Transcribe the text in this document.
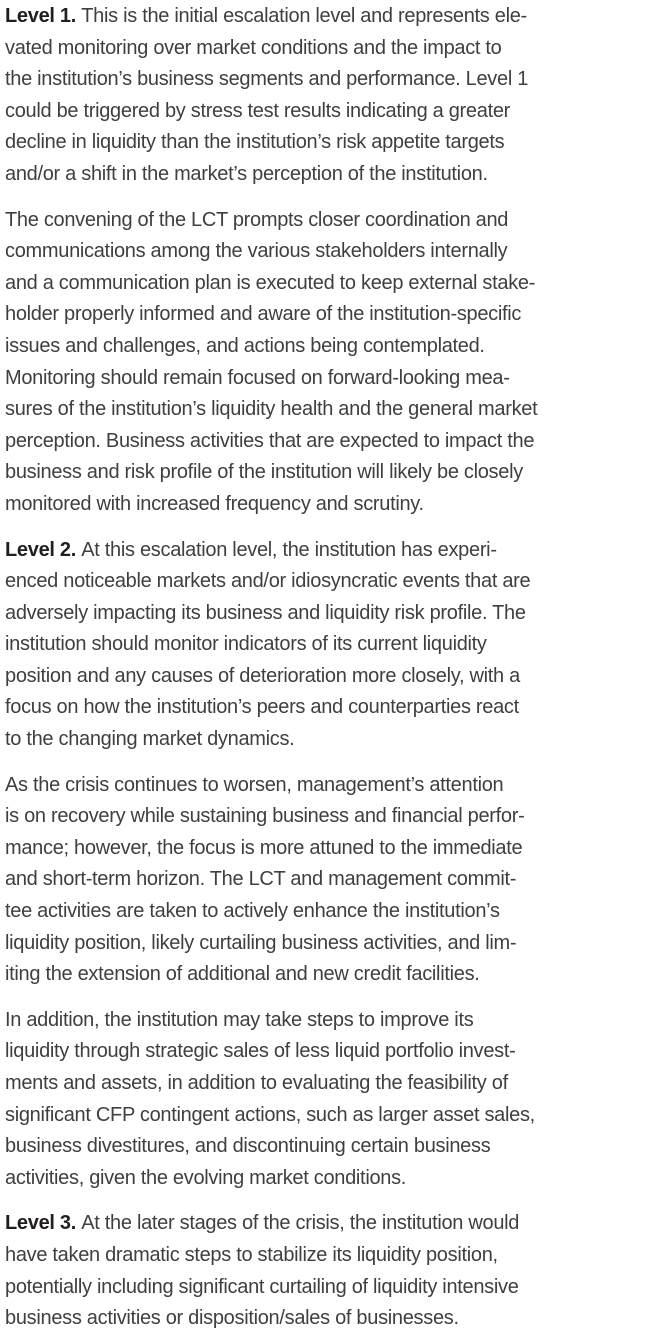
Level 1. This is the initial escalation level and represents ele-
vated monitoring over market conditions and the impact to
the institution’s business segments and performance. Level 1
could be triggered by stress test results indicating a greater
decline in liquidity than the institution’s risk appetite targets
and/or a shift in the market’s perception of the institution.

The convening of the LCT prompts closer coordination and
communications among the various stakeholders internally
and a communication plan is executed to keep external stake-
holder properly informed and aware of the institution-specific
issues and challenges, and actions being contemplated.
Monitoring should remain focused on forward-looking mea-
sures of the institution’s liquidity health and the general market
perception. Business activities that are expected to impact the
business and risk profile of the institution will likely be closely
monitored with increased frequency and scrutiny.

Level 2. At this escalation level, the institution has experi-
enced noticeable markets and/or idiosyncratic events that are
adversely impacting its business and liquidity risk profile. The
institution should monitor indicators of its current liquidity
position and any causes of deterioration more closely, with a
focus on how the institution’s peers and counterparties react
to the changing market dynamics.

As the crisis continues to worsen, management’s attention
is on recovery while sustaining business and financial perfor-
mance; however, the focus is more attuned to the immediate
and short-term horizon. The LCT and management commit-
tee activities are taken to actively enhance the institution’s
liquidity position, likely curtailing business activities, and lim-
iting the extension of additional and new credit facilities.

In addition, the institution may take steps to improve its
liquidity through strategic sales of less liquid portfolio invest-
ments and assets, in addition to evaluating the feasibility of
significant CFP contingent actions, such as larger asset sales,
business divestitures, and discontinuing certain business
activities, given the evolving market conditions.

Level 3. At the later stages of the crisis, the institution would
have taken dramatic steps to stabilize its liquidity position,
potentially including significant curtailing of liquidity intensive
business activities or disposition/sales of businesses.
